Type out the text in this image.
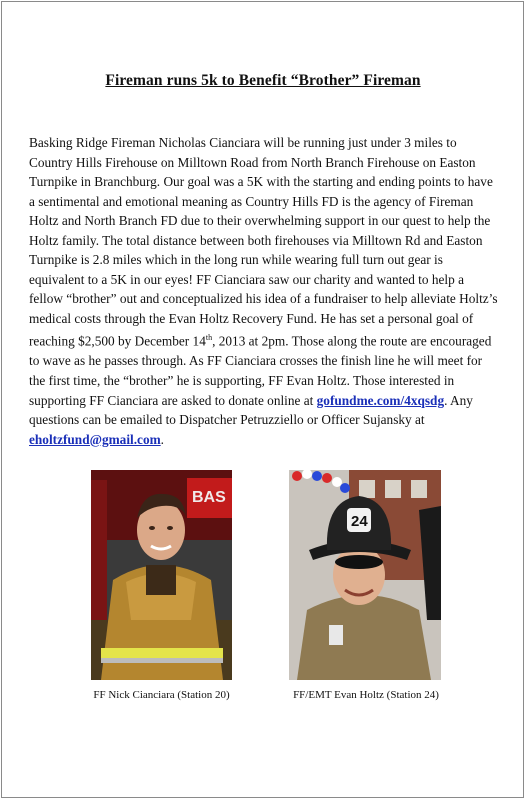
Fireman runs 5k to Benefit “Brother” Fireman
Basking Ridge Fireman Nicholas Cianciara will be running just under 3 miles to Country Hills Firehouse on Milltown Road from North Branch Firehouse on Easton Turnpike in Branchburg. Our goal was a 5K with the starting and ending points to have a sentimental and emotional meaning as Country Hills FD is the agency of Fireman Holtz and North Branch FD due to their overwhelming support in our quest to help the Holtz family. The total distance between both firehouses via Milltown Rd and Easton Turnpike is 2.8 miles which in the long run while wearing full turn out gear is equivalent to a 5K in our eyes! FF Cianciara saw our charity and wanted to help a fellow “brother” out and conceptualized his idea of a fundraiser to help alleviate Holtz’s medical costs through the Evan Holtz Recovery Fund. He has set a personal goal of reaching $2,500 by December 14th, 2013 at 2pm. Those along the route are encouraged to wave as he passes through. As FF Cianciara crosses the finish line he will meet for the first time, the “brother” he is supporting, FF Evan Holtz. Those interested in supporting FF Cianciara are asked to donate online at gofundme.com/4xqsdg. Any questions can be emailed to Dispatcher Petruzziello or Officer Sujansky at eholtzfund@gmail.com.
BAS
24
FF Nick Cianciara (Station 20)	FF/EMT Evan Holtz (Station 24)
